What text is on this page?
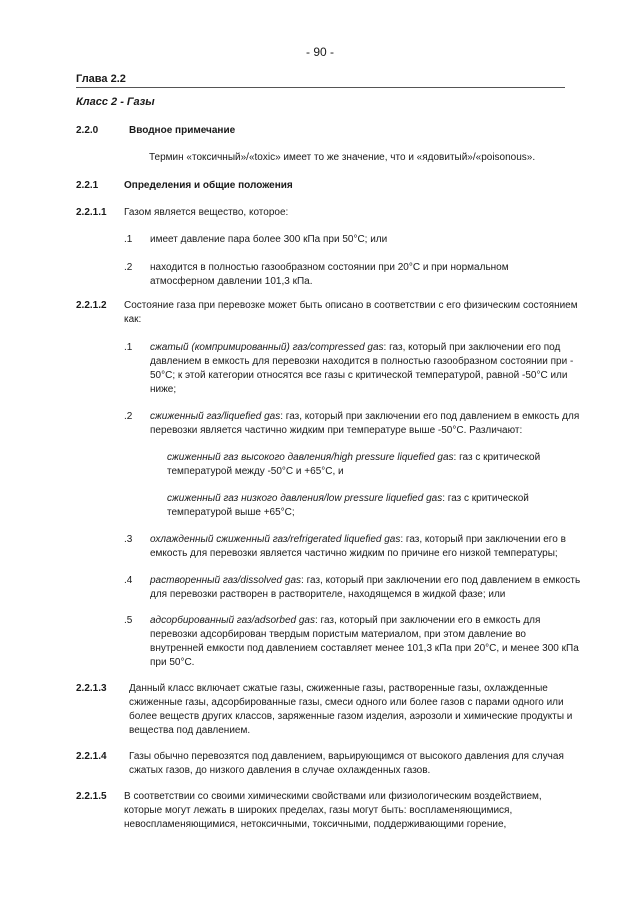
- 90 -
Глава 2.2
Класс 2 - Газы
2.2.0	Вводное примечание
Термин «токсичный»/«toxic» имеет то же значение, что и «ядовитый»/«poisonous».
2.2.1	Определения и общие положения
2.2.1.1 Газом является вещество, которое:
.1 имеет давление пара более 300 кПа при 50°C; или
.2 находится в полностью газообразном состоянии при 20°C и при нормальном
атмосферном давлении 101,3 кПа.
2.2.1.2 Состояние газа при перевозке может быть описано в соответствии с его физическим состоянием
как:
.1 сжатый (компримированный) газ/compressed gas: газ, который при заключении его под
давлением в емкость для перевозки находится в полностью газообразном состоянии при -
50°C; к этой категории относятся все газы с критической температурой, равной -50°C или
ниже;
.2 сжиженный газ/liquefied gas: газ, который при заключении его под давлением в емкость для
перевозки является частично жидким при температуре выше -50°C. Различают:
сжиженный газ высокого давления/high pressure liquefied gas: газ с критической
температурой между -50°C и +65°C, и
сжиженный газ низкого давления/low pressure liquefied gas: газ с критической
температурой выше +65°C;
.3 охлажденный сжиженный газ/refrigerated liquefied gas: газ, который при заключении его в
емкость для перевозки является частично жидким по причине его низкой температуры;
.4 растворенный газ/dissolved gas: газ, который при заключении его под давлением в емкость
для перевозки растворен в растворителе, находящемся в жидкой фазе; или
.5 адсорбированный газ/adsorbed gas: газ, который при заключении его в емкость для
перевозки адсорбирован твердым пористым материалом, при этом давление во
внутренней емкости под давлением составляет менее 101,3 кПа при 20°C, и менее 300 кПа
при 50°C.
2.2.1.3 Данный класс включает сжатые газы, сжиженные газы, растворенные газы, охлажденные
сжиженные газы, адсорбированные газы, смеси одного или более газов с парами одного или
более веществ других классов, заряженные газом изделия, аэрозоли и химические продукты и
вещества под давлением.
2.2.1.4 Газы обычно перевозятся под давлением, варьирующимся от высокого давления для случая
сжатых газов, до низкого давления в случае охлажденных газов.
2.2.1.5 В соответствии со своими химическими свойствами или физиологическим воздействием,
которые могут лежать в широких пределах, газы могут быть: воспламеняющимися,
невоспламеняющимися, нетоксичными, токсичными, поддерживающими горение,
